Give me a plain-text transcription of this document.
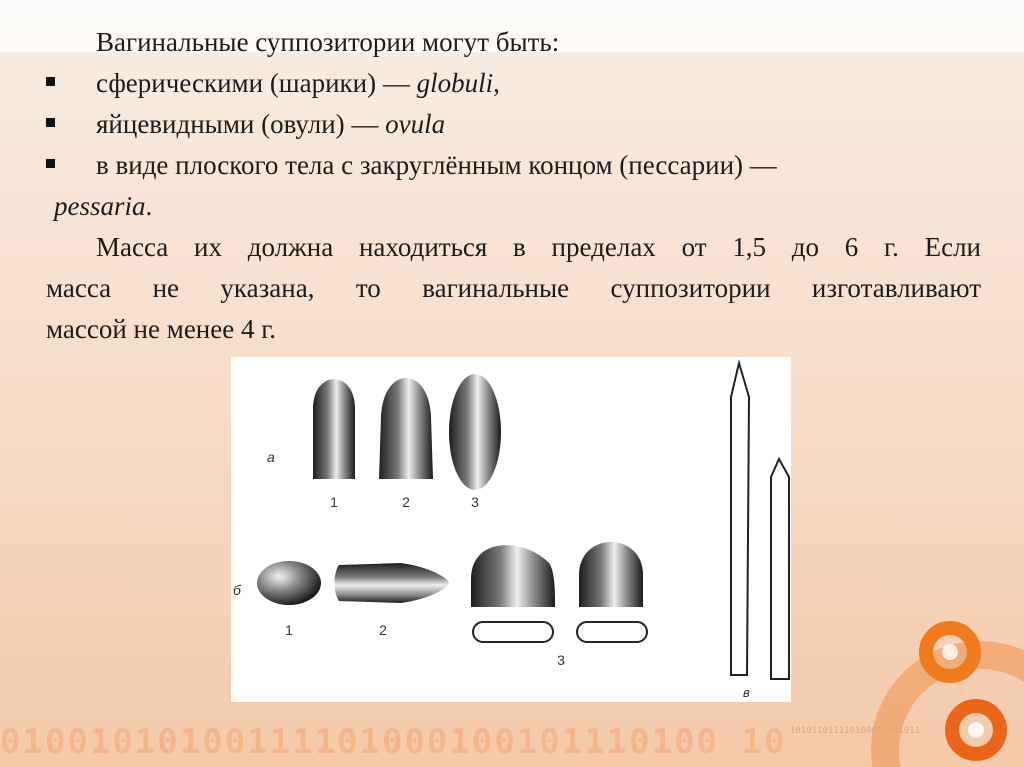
Вагинальные суппозитории могут быть:
сферическими (шарики) — globuli,
яйцевидными (овули) — ovula
в виде плоского тела с закруглённым концом (пессарии) —
pessaria.
Масса их должна находиться в пределах от 1,5 до 6 г. Если
масса не указана, то вагинальные суппозитории изготавливают
массой не менее 4 г.
а
1	2	3
б
1	2
3
в
01001010100111101000100101110100 10 10101101111010000 101011
